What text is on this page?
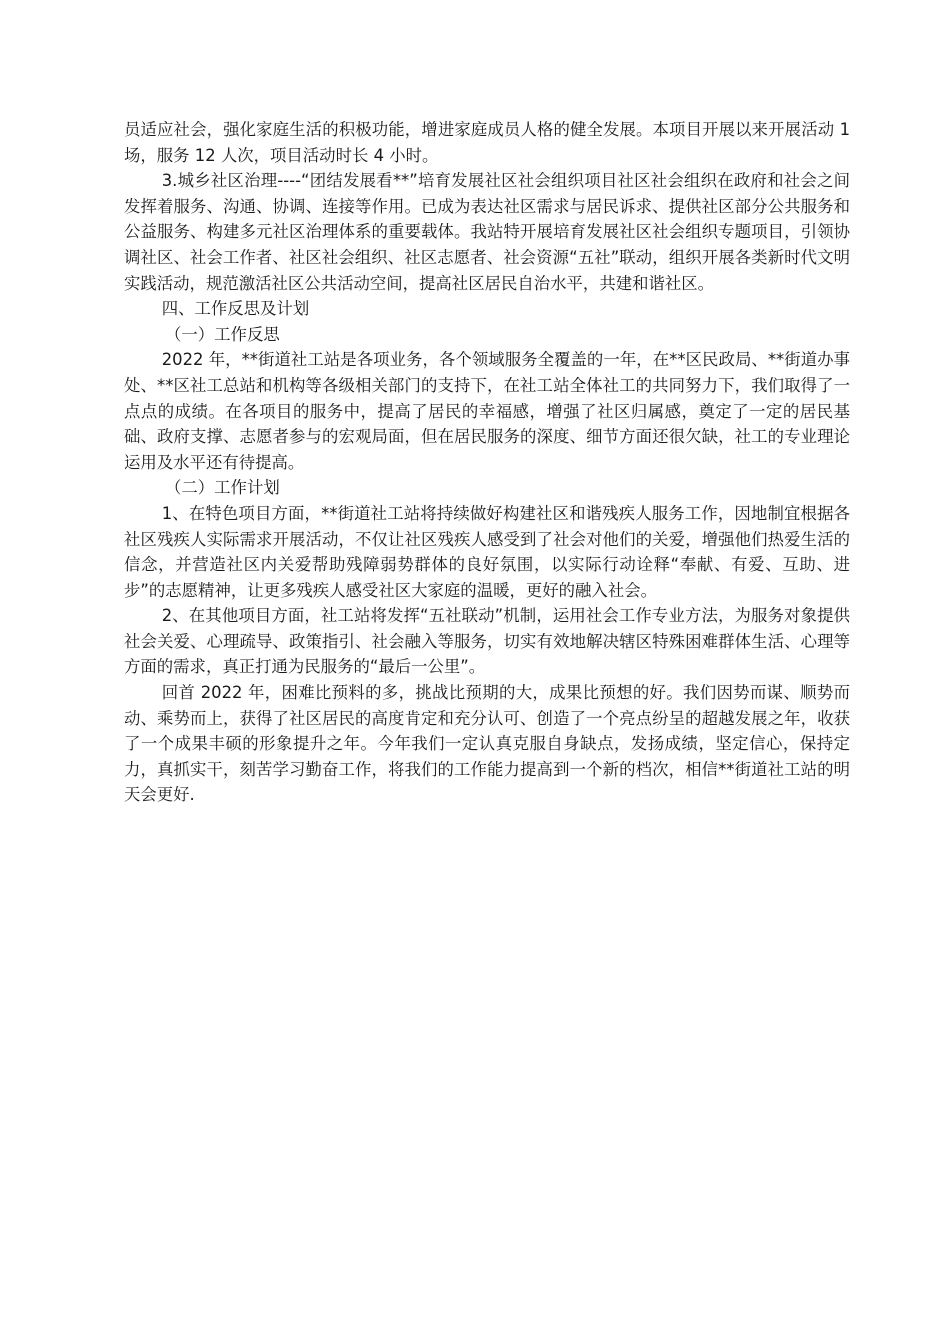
员适应社会，强化家庭生活的积极功能，增进家庭成员人格的健全发展。本项目开展以来开展活动 1 场，服务 12 人次，项目活动时长 4 小时。

3.城乡社区治理----“团结发展看**”培育发展社区社会组织项目社区社会组织在政府和社会之间发挥着服务、沟通、协调、连接等作用。已成为表达社区需求与居民诉求、提供社区部分公共服务和公益服务、构建多元社区治理体系的重要载体。我站特开展培育发展社区社会组织专题项目，引领协调社区、社会工作者、社区社会组织、社区志愿者、社会资源“五社”联动，组织开展各类新时代文明实践活动，规范激活社区公共活动空间，提高社区居民自治水平，共建和谐社区。

四、工作反思及计划

（一）工作反思

2022 年，**街道社工站是各项业务，各个领域服务全覆盖的一年，在**区民政局、**街道办事处、**区社工总站和机构等各级相关部门的支持下，在社工站全体社工的共同努力下，我们取得了一点点的成绩。在各项目的服务中，提高了居民的幸福感，增强了社区归属感，奠定了一定的居民基础、政府支撑、志愿者参与的宏观局面，但在居民服务的深度、细节方面还很欠缺，社工的专业理论运用及水平还有待提高。

（二）工作计划

1、在特色项目方面，**街道社工站将持续做好构建社区和谐残疾人服务工作，因地制宜根据各社区残疾人实际需求开展活动，不仅让社区残疾人感受到了社会对他们的关爱，增强他们热爱生活的信念，并营造社区内关爱帮助残障弱势群体的良好氛围，以实际行动诠释“奉献、有爱、互助、进步”的志愿精神，让更多残疾人感受社区大家庭的温暖，更好的融入社会。

2、在其他项目方面，社工站将发挥“五社联动”机制，运用社会工作专业方法，为服务对象提供社会关爱、心理疏导、政策指引、社会融入等服务，切实有效地解决辖区特殊困难群体生活、心理等方面的需求，真正打通为民服务的“最后一公里”。

回首 2022 年，困难比预料的多，挑战比预期的大，成果比预想的好。我们因势而谋、顺势而动、乘势而上，获得了社区居民的高度肯定和充分认可、创造了一个亮点纷呈的超越发展之年，收获了一个成果丰硕的形象提升之年。今年我们一定认真克服自身缺点，发扬成绩，坚定信心，保持定力，真抓实干，刻苦学习勤奋工作，将我们的工作能力提高到一个新的档次，相信**街道社工站的明天会更好.
